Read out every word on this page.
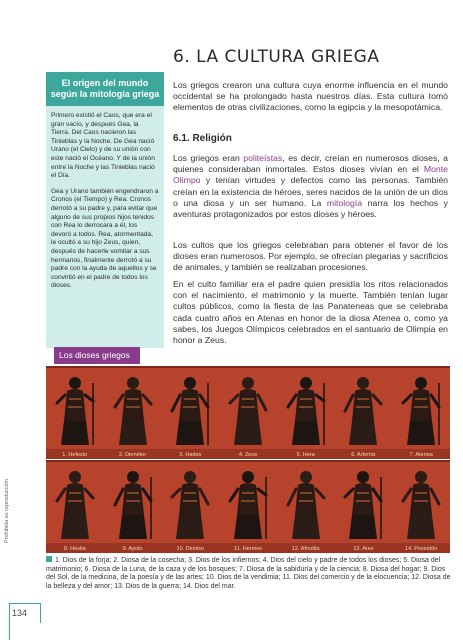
6. LA CULTURA GRIEGA

Los griegos crearon una cultura cuya enorme influencia en el mundo occidental se ha prolongado hasta nuestros días. Esta cultura tomó elementos de otras civilizaciones, como la egipcia y la mesopotámica.

6.1. Religión

Los griegos eran politeístas, es decir, creían en numerosos dioses, a quienes consideraban inmortales. Estos dioses vivían en el Monte Olimpo y tenían virtudes y defectos como las personas. También creían en la existencia de héroes, seres nacidos de la unión de un dios o una diosa y un ser humano. La mitología narra los hechos y aventuras protagonizados por estos dioses y héroes.

Los cultos que los griegos celebraban para obtener el favor de los dioses eran numerosos. Por ejemplo, se ofrecían plegarias y sacrificios de animales, y también se realizaban procesiones.

En el culto familiar era el padre quien presidía los ritos relacionados con el nacimiento, el matrimonio y la muerte. También tenían lugar cultos públicos, como la fiesta de las Panateneas que se celebraba cada cuatro años en Atenas en honor de la diosa Atenea o, como ya sabes, los Juegos Olímpicos celebrados en el santuario de Olimpia en honor a Zeus.

El origen del mundo según la mitología griega

Primero existió el Caos, que era el gran vacío, y después Gea, la Tierra. Del Caos nacieron las Tinieblas y la Noche. De Gea nació Urano (el Cielo) y de su unión con este nació el Océano. Y de la unión entre la Noche y las Tinieblas nació el Día.

Gea y Urano también engendraron a Cronos (el Tiempo) y Rea. Cronos derrotó a su padre y, para evitar que alguno de sus propios hijos tenidos con Rea lo derrocara a él, los devoró a todos. Rea, atormentada, le ocultó a su hijo Zeus, quien, después de hacerle vomitar a sus hermanos, finalmente derrotó a su padre con la ayuda de aquellos y se convirtió en el padre de todos los dioses.

Los dioses griegos
1. Hefesto	2. Deméter	3. Hades	4. Zeus	5. Hera	6. Artemis	7. Atenea
8. Hestia	9. Apolo	10. Dioniso	11. Hermes	12. Afrodita	13. Ares	14. Poseidón
Prohibida su reproducción

1. Dios de la forja; 2. Diosa de la cosecha; 3. Dios de los infiernos; 4. Dios del cielo y padre de todos los dioses; 5. Diosa del matrimonio; 6. Diosa de la Luna, de la caza y de los bosques; 7. Diosa de la sabiduría y de la ciencia; 8. Diosa del hogar; 9. Dios del Sol, de la medicina, de la poesía y de las artes; 10. Dios de la vendimia; 11. Dios del comercio y de la elocuencia; 12. Diosa de la belleza y del amor; 13. Dios de la guerra; 14. Dios del mar.

134
